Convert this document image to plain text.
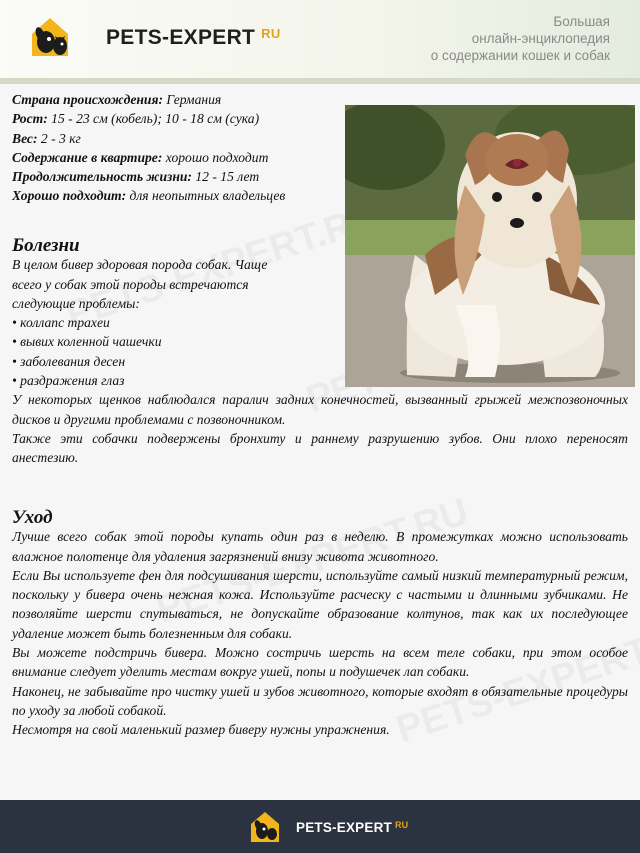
PETS-EXPERT $^{RU}$
Большая
онлайн-энциклопедия
о содержании кошек и собак
Страна происхождения: Германия
Рост: 15 - 23 см (кобель); 10 - 18 см (сука)
Вес: 2 - 3 кг
Содержание в квартире: хорошо подходит
Продолжительность жизни: 12 - 15 лет
Хорошо подходит: для неопытных владельцев
Болезни
В целом бивер здоровая порода собак. Чаще
всего у собак этой породы встречаются
следующие проблемы:
• коллапс трахеи
• вывих коленной чашечки
• заболевания десен
• раздражения глаз
У некоторых щенков наблюдался паралич задних конечностей, вызванный грыжей межпозвоночных дисков и другими проблемами с позвоночником.
Также эти собачки подвержены бронхиту и раннему разрушению зубов. Они плохо переносят анестезию.
Уход
Лучше всего собак этой породы купать один раз в неделю. В промежутках можно использовать влажное полотенце для удаления загрязнений внизу живота животного.
Если Вы используете фен для подсушивания шерсти, используйте самый низкий температурный режим, поскольку у бивера очень нежная кожа. Используйте расческу с частыми и длинными зубчиками. Не позволяйте шерсти спутываться, не допускайте образование колтунов, так как их последующее удаление может быть болезненным для собаки.
Вы можете подстричь бивера. Можно состричь шерсть на всем теле собаки, при этом особое внимание следует уделить местам вокруг ушей, попы и подушечек лап собаки.
Наконец, не забывайте про чистку ушей и зубов животного, которые входят в обязательные процедуры по уходу за любой собакой.
Несмотря на свой маленький размер биверу нужны упражнения.
PETS-EXPERT $^{RU}$
